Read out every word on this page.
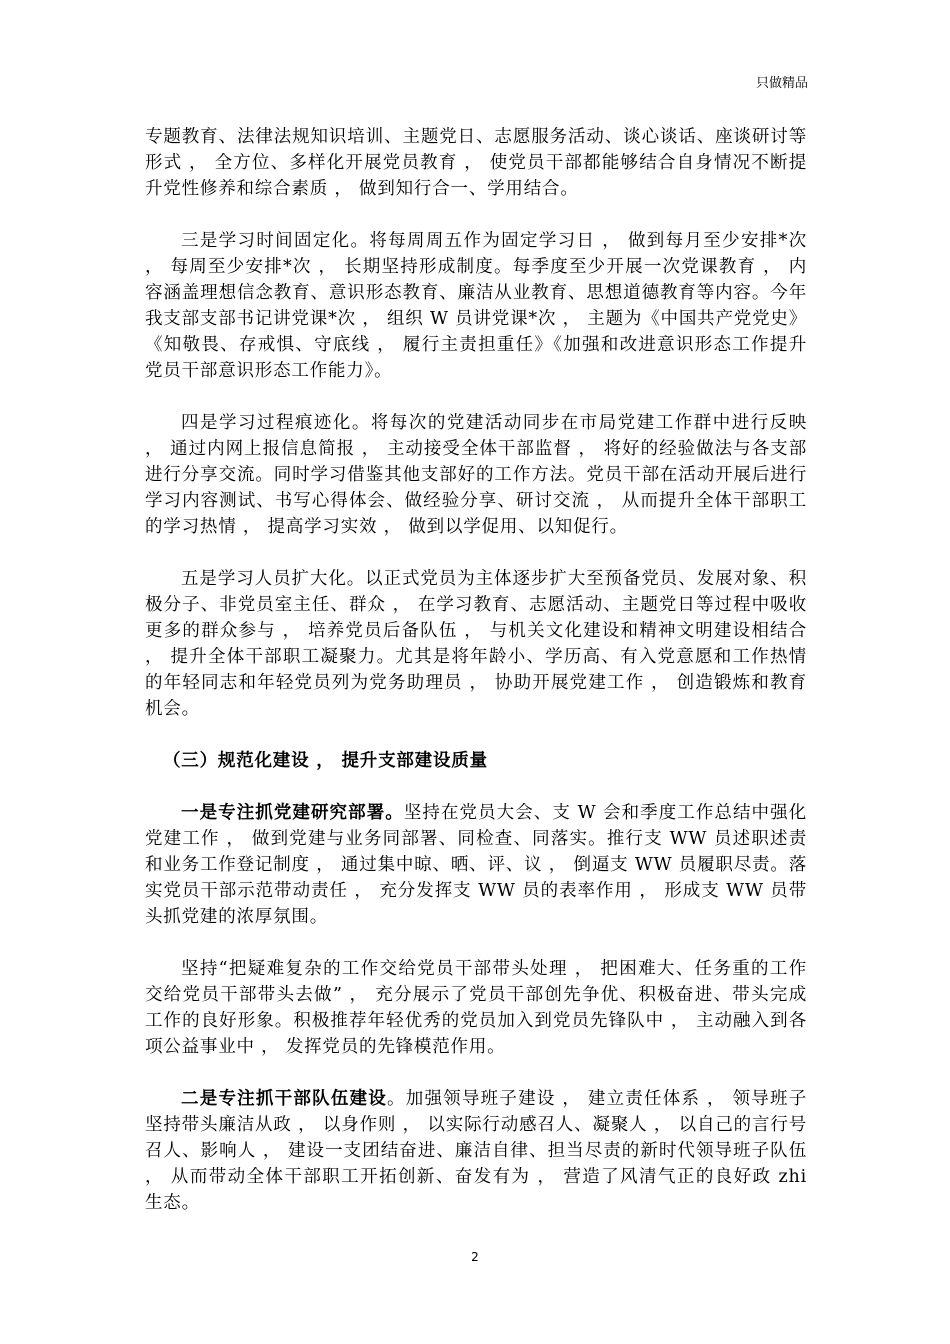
只做精品

专题教育、法律法规知识培训、主题党日、志愿服务活动、谈心谈话、座谈研讨等形式 ， 全方位、多样化开展党员教育 ， 使党员干部都能够结合自身情况不断提升党性修养和综合素质 ， 做到知行合一、学用结合。

三是学习时间固定化。将每周周五作为固定学习日 ， 做到每月至少安排*次 ， 每周至少安排*次 ， 长期坚持形成制度。每季度至少开展一次党课教育 ， 内容涵盖理想信念教育、意识形态教育、廉洁从业教育、思想道德教育等内容。今年我支部支部书记讲党课*次 ， 组织 W 员讲党课*次 ， 主题为《中国共产党党史》《知敬畏、存戒惧、守底线 ， 履行主责担重任》《加强和改进意识形态工作提升党员干部意识形态工作能力》。

四是学习过程痕迹化。将每次的党建活动同步在市局党建工作群中进行反映 ， 通过内网上报信息简报 ， 主动接受全体干部监督 ， 将好的经验做法与各支部进行分享交流。同时学习借鉴其他支部好的工作方法。党员干部在活动开展后进行学习内容测试、书写心得体会、做经验分享、研讨交流 ， 从而提升全体干部职工的学习热情 ， 提高学习实效 ， 做到以学促用、以知促行。

五是学习人员扩大化。以正式党员为主体逐步扩大至预备党员、发展对象、积极分子、非党员室主任、群众 ， 在学习教育、志愿活动、主题党日等过程中吸收更多的群众参与 ， 培养党员后备队伍 ， 与机关文化建设和精神文明建设相结合 ， 提升全体干部职工凝聚力。尤其是将年龄小、学历高、有入党意愿和工作热情的年轻同志和年轻党员列为党务助理员 ， 协助开展党建工作 ， 创造锻炼和教育机会。

（三）规范化建设 ， 提升支部建设质量

一是专注抓党建研究部署。坚持在党员大会、支 W 会和季度工作总结中强化党建工作 ， 做到党建与业务同部署、同检查、同落实。推行支 WW 员述职述责和业务工作登记制度 ， 通过集中晾、晒、评、议 ， 倒逼支 WW 员履职尽责。落实党员干部示范带动责任 ， 充分发挥支 WW 员的表率作用 ， 形成支 WW 员带头抓党建的浓厚氛围。

坚持“把疑难复杂的工作交给党员干部带头处理 ， 把困难大、任务重的工作交给党员干部带头去做” ， 充分展示了党员干部创先争优、积极奋进、带头完成工作的良好形象。积极推荐年轻优秀的党员加入到党员先锋队中 ， 主动融入到各项公益事业中 ， 发挥党员的先锋模范作用。

二是专注抓干部队伍建设。加强领导班子建设 ， 建立责任体系 ， 领导班子坚持带头廉洁从政 ， 以身作则 ， 以实际行动感召人、凝聚人 ， 以自己的言行号召人、影响人 ， 建设一支团结奋进、廉洁自律、担当尽责的新时代领导班子队伍 ， 从而带动全体干部职工开拓创新、奋发有为 ， 营造了风清气正的良好政 zhi 生态。

2
